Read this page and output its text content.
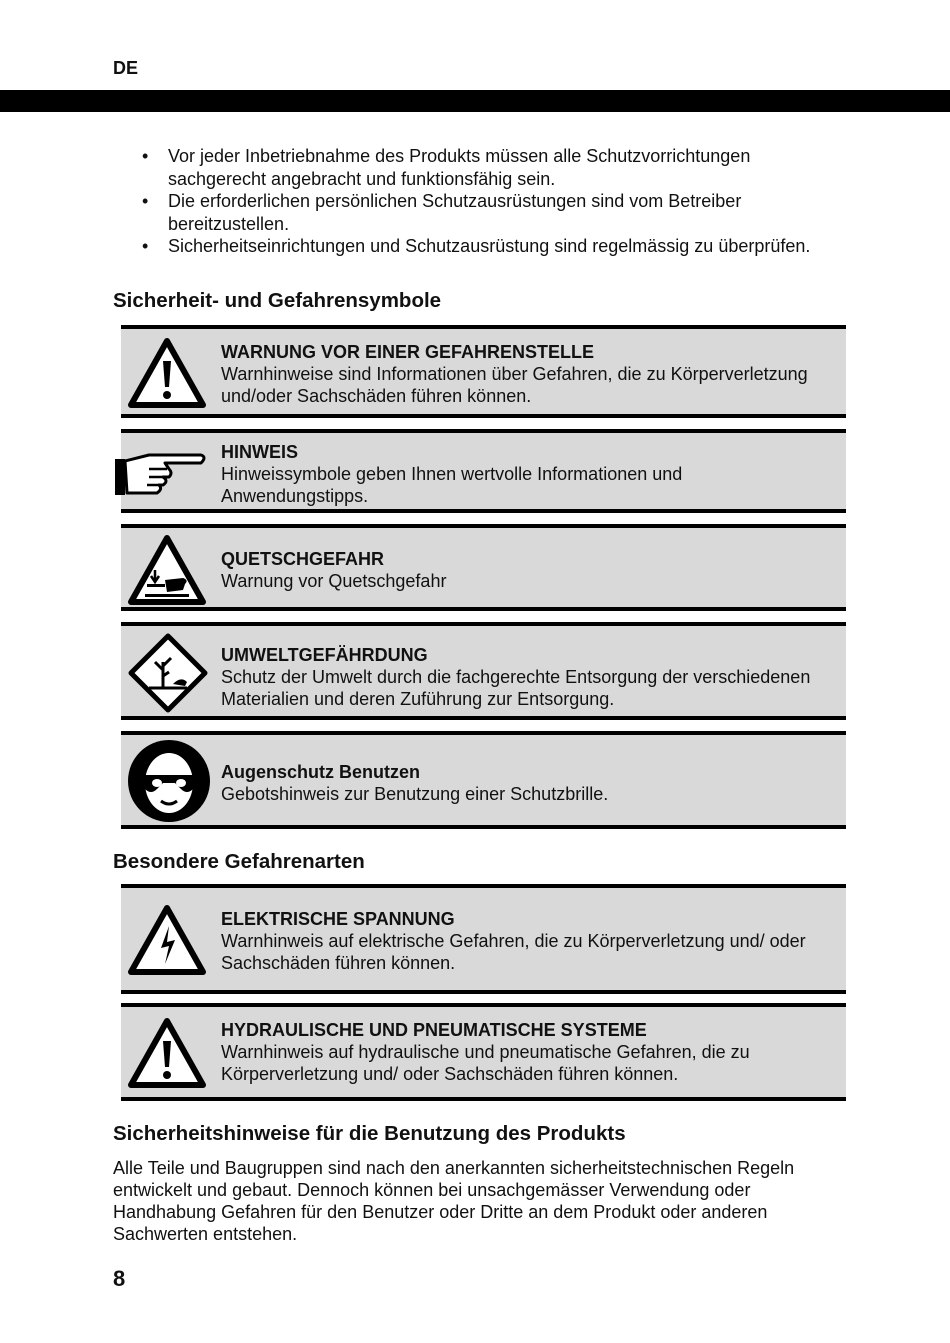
DE
• Vor jeder Inbetriebnahme des Produkts müssen alle Schutzvorrichtungen sachgerecht angebracht und funktionsfähig sein.
• Die erforderlichen persönlichen Schutzausrüstungen sind vom Betreiber bereitzustellen.
• Sicherheitseinrichtungen und Schutzausrüstung sind regelmässig zu überprüfen.
Sicherheit- und Gefahrensymbole
WARNUNG VOR EINER GEFAHRENSTELLE
Warnhinweise sind Informationen über Gefahren, die zu Körperverletzung und/oder Sachschäden führen können.
HINWEIS
Hinweissymbole geben Ihnen wertvolle Informationen und Anwendungstipps.
QUETSCHGEFAHR
Warnung vor Quetschgefahr
UMWELTGEFÄHRDUNG
Schutz der Umwelt durch die fachgerechte Entsorgung der verschiedenen Materialien und deren Zuführung zur Entsorgung.
Augenschutz Benutzen
Gebotshinweis zur Benutzung einer Schutzbrille.
Besondere Gefahrenarten
ELEKTRISCHE SPANNUNG
Warnhinweis auf elektrische Gefahren, die zu Körperverletzung und/ oder Sachschäden führen können.
HYDRAULISCHE UND PNEUMATISCHE SYSTEME
Warnhinweis auf hydraulische und pneumatische Gefahren, die zu Körperverletzung und/ oder Sachschäden führen können.
Sicherheitshinweise für die Benutzung des Produkts
Alle Teile und Baugruppen sind nach den anerkannten sicherheitstechnischen Regeln entwickelt und gebaut. Dennoch können bei unsachgemässer Verwendung oder Handhabung Gefahren für den Benutzer oder Dritte an dem Produkt oder anderen Sachwerten entstehen.
8
